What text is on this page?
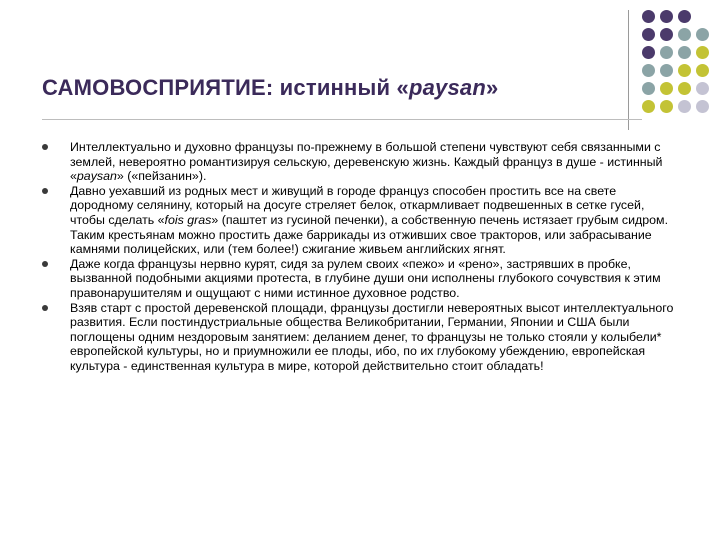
САМОВОСПРИЯТИЕ: истинный «paysan»
Интеллектуально и духовно французы по-прежнему в большой степени чувствуют себя связанными с землей, невероятно романтизируя сельскую, деревенскую жизнь. Каждый француз в душе - истинный «paysan» («пейзанин»).
Давно уехавший из родных мест и живущий в городе француз способен простить все на свете дородному селянину, который на досуге стреляет белок, откармливает подвешенных в сетке гусей, чтобы сделать «fois gras» (паштет из гусиной печенки), а собственную печень истязает грубым сидром. Таким крестьянам можно простить даже баррикады из отживших свое тракторов, или забрасывание камнями полицейских, или (тем более!) сжигание живьем английских ягнят.
Даже когда французы нервно курят, сидя за рулем своих «пежо» и «рено», застрявших в пробке, вызванной подобными акциями протеста, в глубине души они исполнены глубокого сочувствия к этим правонарушителям и ощущают с ними истинное духовное родство.
Взяв старт с простой деревенской площади, французы достигли невероятных высот интеллектуального развития. Если постиндустриальные общества Великобритании, Германии, Японии и США были поглощены одним нездоровым занятием: деланием денег, то французы не только стояли у колыбели* европейской культуры, но и приумножили ее плоды, ибо, по их глубокому убеждению, европейская культура - единственная культура в мире, которой действительно стоит обладать!
